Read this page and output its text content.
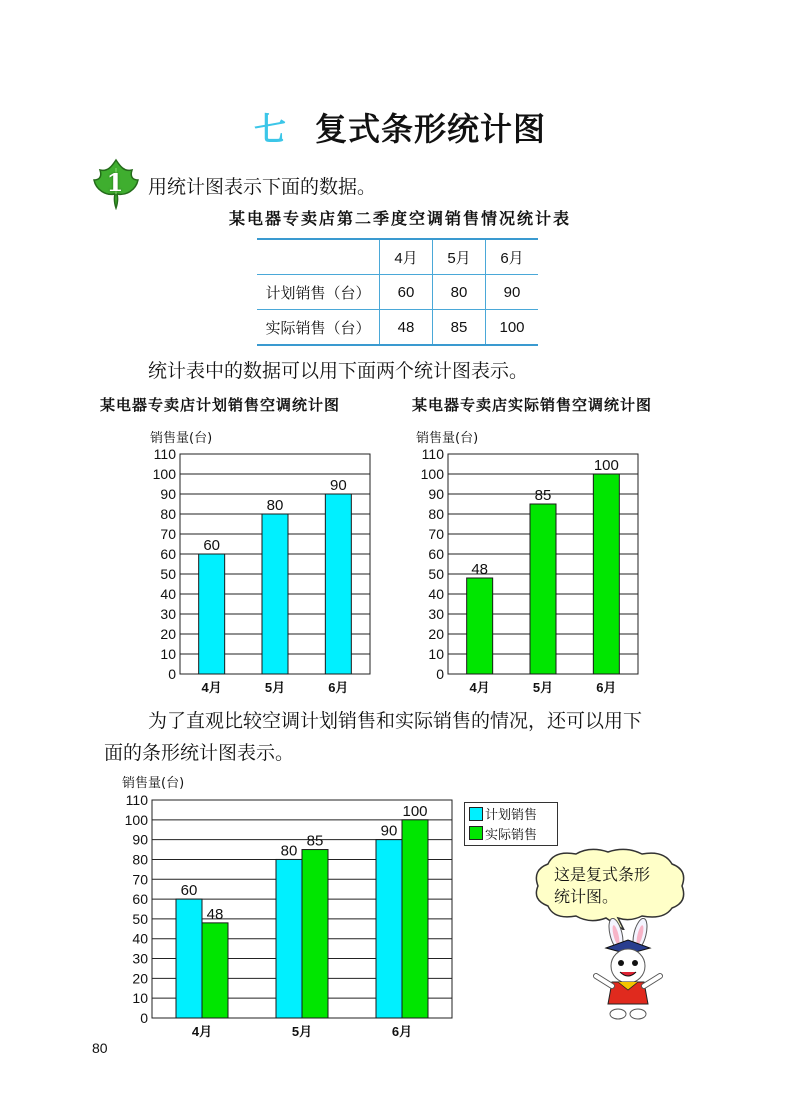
七 复式条形统计图
1 用统计图表示下面的数据。
某电器专卖店第二季度空调销售情况统计表
	4月	5月	6月
计划销售（台）	60	80	90
实际销售（台）	48	85	100
统计表中的数据可以用下面两个统计图表示。
某电器专卖店计划销售空调统计图
销售量(台)
0
10
20
30
40
50
60
70
80
90
100
110
60
4月
80
5月
90
6月
某电器专卖店实际销售空调统计图
销售量(台)
0
10
20
30
40
50
60
70
80
90
100
110
48
4月
85
5月
100
6月
为了直观比较空调计划销售和实际销售的情况，还可以用下
面的条形统计图表示。
销售量(台)
0
10
20
30
40
50
60
70
80
90
100
110
60
48
4月
80
85
5月
90
100
6月
计划销售
实际销售
这是复式条形
统计图。
80
